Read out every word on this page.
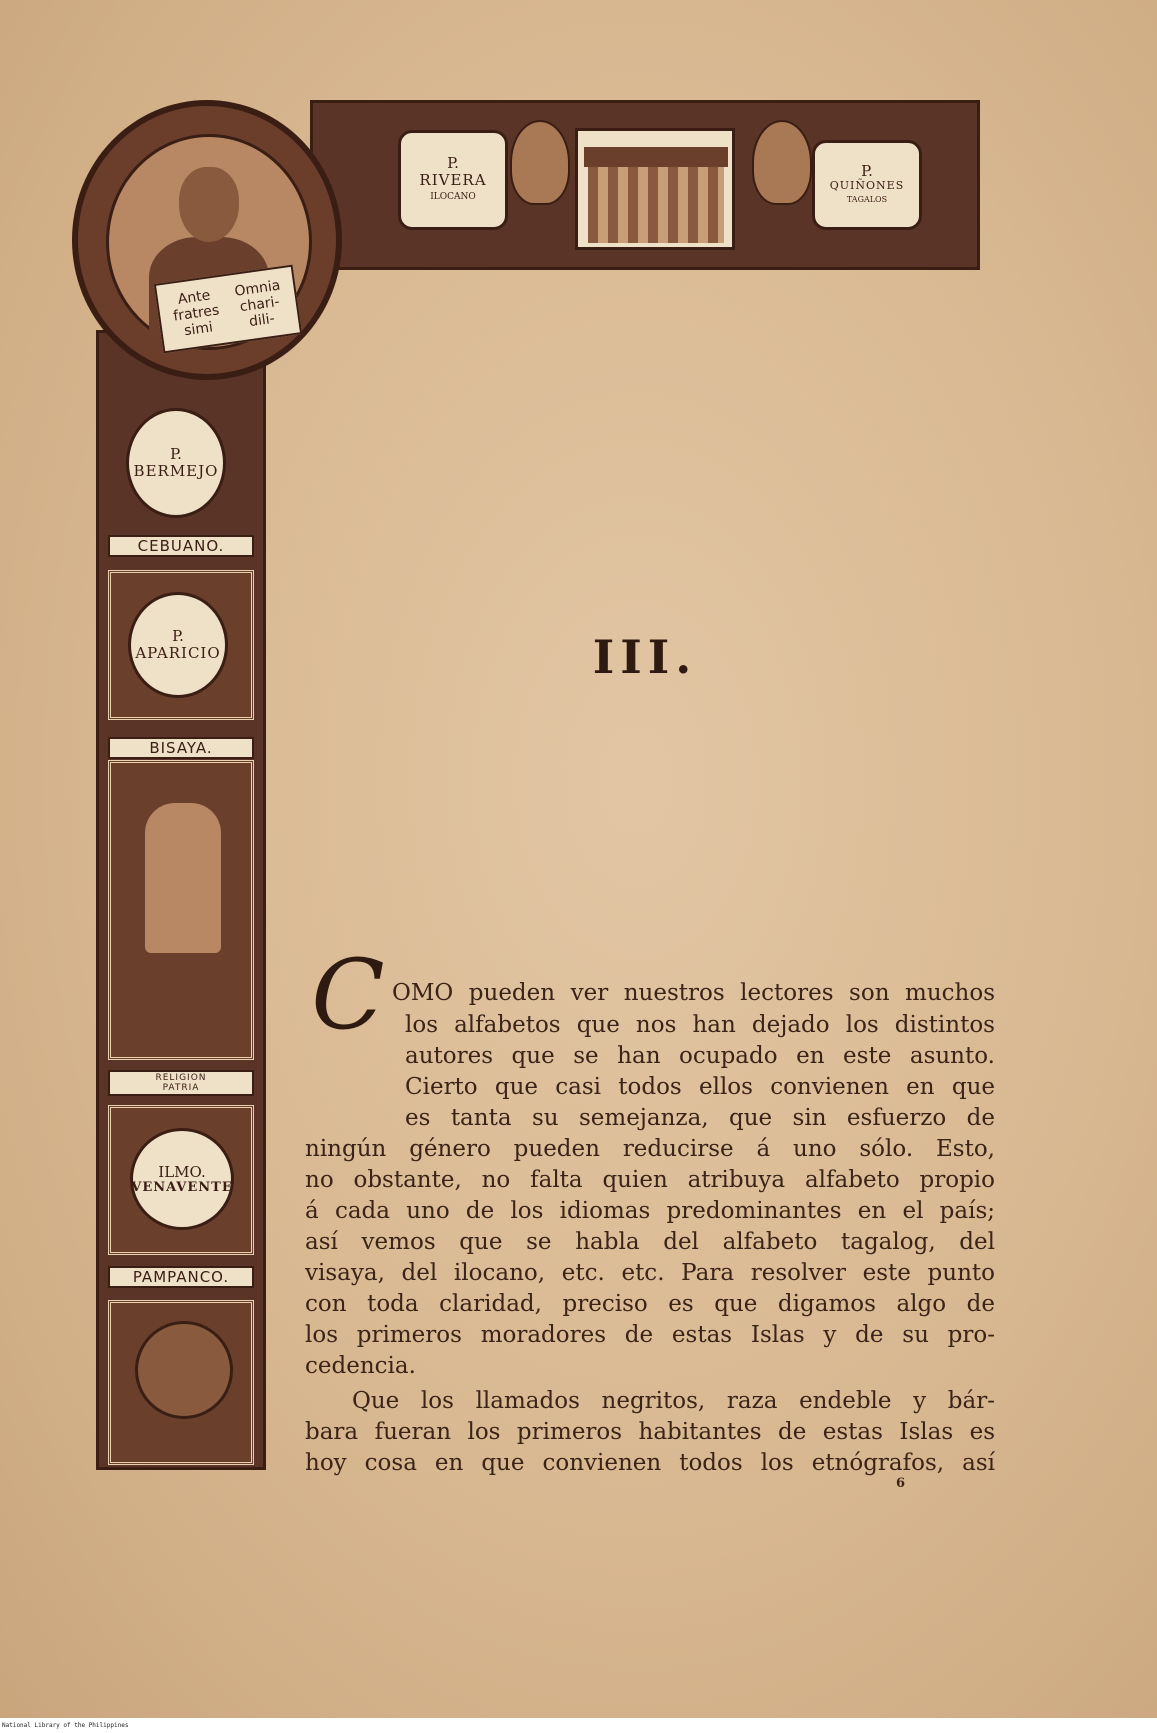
Ante	Omnia
fratres	chari-
simi	dili-
P.
RIVERA
ILOCANO
P.
QUIÑONES
TAGALOS
P.
BERMEJO
CEBUANO.
P.
APARICIO
BISAYA.
RELIGION
PATRIA
ILMO.
VENAVENTE
PAMPANCO.
III.
C OMO pueden ver nuestros lectores son muchos
los alfabetos que nos han dejado los distintos
autores que se han ocupado en este asunto.
Cierto que casi todos ellos convienen en que
es tanta su semejanza, que sin esfuerzo de
ningún género pueden reducirse á uno sólo. Esto,
no obstante, no falta quien atribuya alfabeto propio
á cada uno de los idiomas predominantes en el país;
así vemos que se habla del alfabeto tagalog, del
visaya, del ilocano, etc. etc. Para resolver este punto
con toda claridad, preciso es que digamos algo de
los primeros moradores de estas Islas y de su pro-
cedencia.
Que los llamados negritos, raza endeble y bár-
bara fueran los primeros habitantes de estas Islas es
hoy cosa en que convienen todos los etnógrafos, así
6
National Library of the Philippines
